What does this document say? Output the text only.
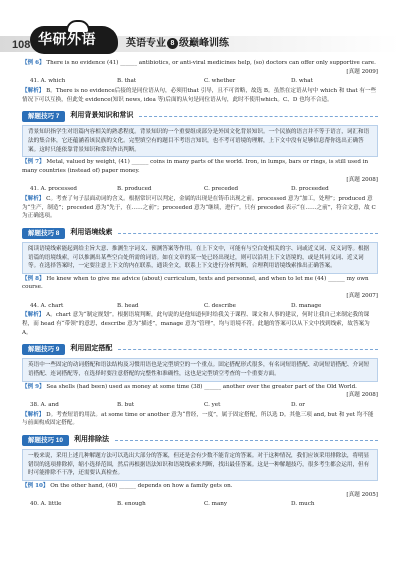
108 华研外语	英语专业 8 级巅峰训练
【例 6】 There is no evidence (41) ______ antibiotics, or anti-viral medicines help, (so) doctors can offer only supportive care.
[真题 2009]
41. A. which	B. that	C. whether	D. what
【解析】 B。There is no evidence后接的是同位语从句，必须用that 引导，且不可省略，故选 B。虽然在定语从句中 which 和 that 有一些情况下可以互换，但此处 evidence(知识 news, idea 等)后面的从句是同位语从句，此时不使用which。C、D 也均不合适。
解题技巧 7	利用背景知识和常识
背景知识指学生对语篇内容相关的熟悉程度。背景知识的一个重要组成部分是外国文化背景知识。一个民族的语言并不等于语言，词汇和语法的集合体，它还蕴涵着该民族的文化。完型填空有的题目不考语言知识，也不考可语境的理解，上下文中没有足够信息帮你选出正确答案。这时只能依靠背景知识和常识作出判断。
【例 7】 Metal, valued by weight, (41) ______ coins in many parts of the world. Iron, in lumps, bars or rings, is still used in many countries (instead of) paper money.
[真题 2008]
41. A. processed	B. produced	C. preceded	D. proceeded
【解析】 C。考查了句子层面动词的含义。根据常识可以判定，金属的出现是在铸币出现之前。processed 意为“加工，处理”；produced 意为“生产，制造”；preceded 意为“先于，在……之前”；proceeded 意为“继续，进行”。只有 preceded 表示“在……之前”，符合文意，故 C 为正确选项。
解题技巧 8	利用语境线索
阅读语境线索能起到给主旨大意、推测生字词义、预测答案等作用。在上下文中，可能有与空白处相关的字、词或近义词、反义词等。根据语篇的语境线索，可以推测出某些空白处所需的词语。如在文章的某一处已经出现过，则可以沿用上下文语境的，或是其同义词、近义词等。在选择答案时，一定要注意上下文的内在联系，通读全文，联系上下文进行分析判断，合理利用语境线索推出正确答案。
【例 8】 He knew when to give me advice (about) curriculum, texts and personnel, and when to let me (44) ______ my own course.
[真题 2007]
44. A. chart	B. head	C. describe	D. manage
【解析】 A。chart 意为“制定规划”。根据语境判断，此句说的是他知道何时给我关于课程、课文和人事的建议，何时让我自己来制定我的课程，而 head 有“带领”的意思，describe 意为“描述”，manage 意为“管理”，均与语境不符。此题的答案可以从下文中找到线索，故答案为 A。
解题技巧 9	利用固定搭配
英语中一些固定的动词搭配和语法结构及习惯用语也是完型填空的一个重点。固定搭配形式很多，有名词短语搭配、动词短语搭配、介词短语搭配、连词搭配等，在选择时要注意搭配的完整性和准确性，这也是完型填空考查的一个重要方面。
【例 9】 Sea shells (had been) used as money at some time (38) ______ another over the greater part of the Old World.
[真题 2008]
38. A. and	B. but	C. yet	D. or
【解析】 D。考查短语的用法。at some time or another 意为“曾经，一度”，属于固定搭配，所以选 D。其他三项 and, but 和 yet 均不能与前面构成固定搭配。
解题技巧 10	利用排除法
一般来说，采用上述几种解题方法可以选出大部分的答案，但还是会有少数不能肯定的答案。对于这种情况，我们应该采用排除法，将明显错误的选项排除掉，缩小选择范围，然后再根据语法知识和语境线索来判断，找出最佳答案。这是一种解题技巧，很多考生都会运用，但有时可能排除不干净，还需要认真检查。
【例 10】 On the other hand, (40) ______ depends on how a family gets on.
[真题 2005]
40. A. little	B. enough	C. many	D. much
